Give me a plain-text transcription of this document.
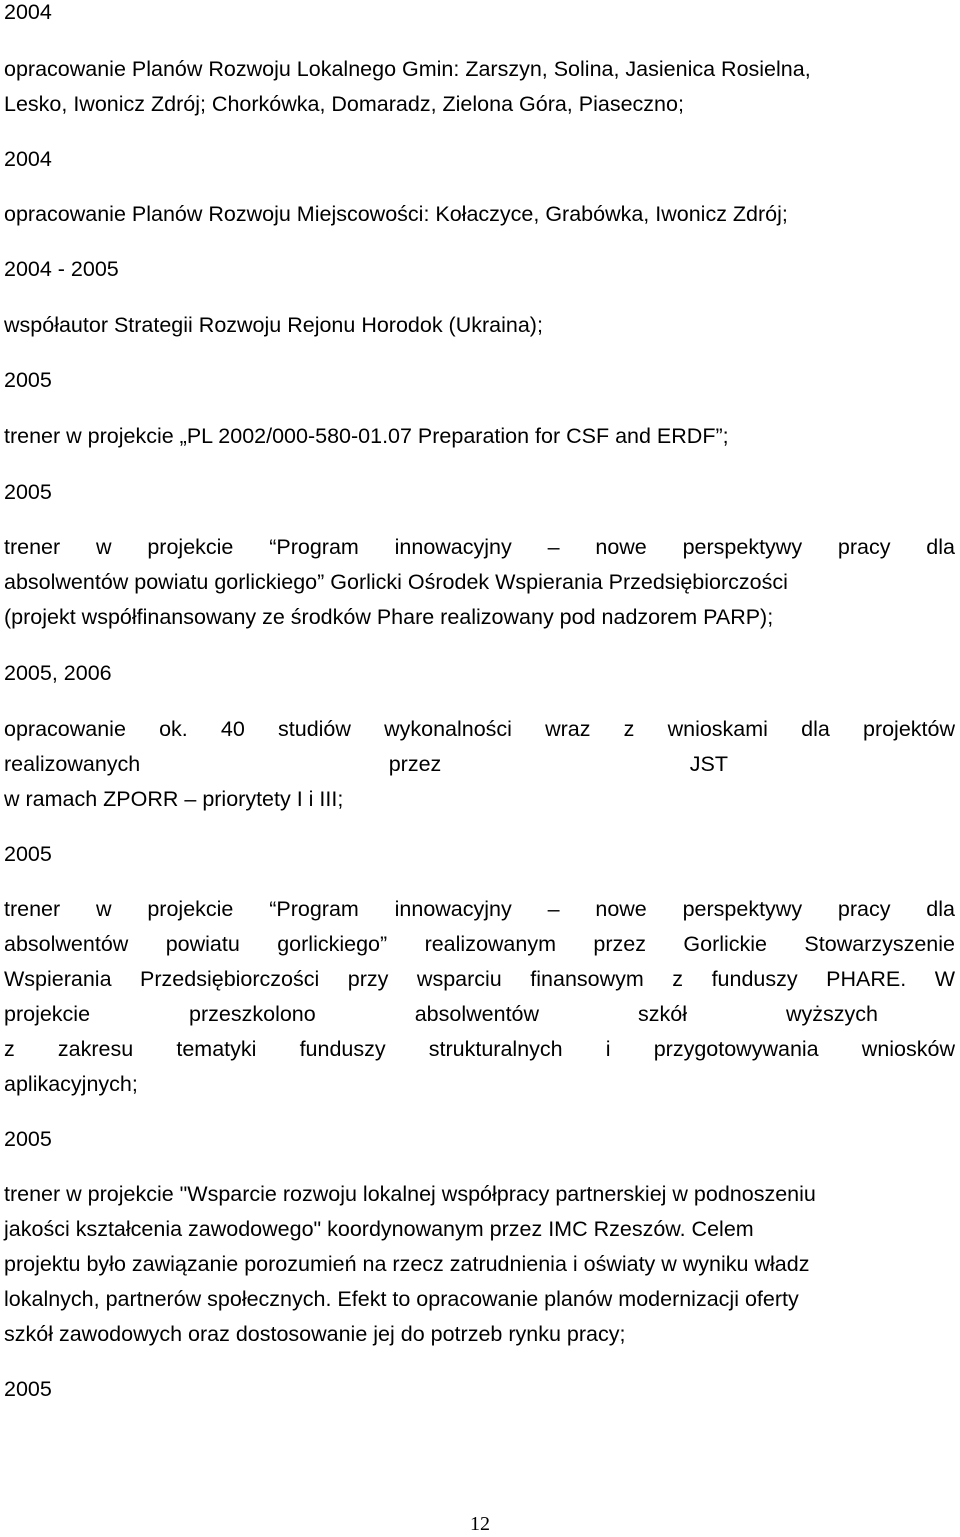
2004
opracowanie Planów Rozwoju Lokalnego Gmin: Zarszyn, Solina, Jasienica Rosielna,
Lesko, Iwonicz Zdrój; Chorkówka, Domaradz, Zielona Góra, Piaseczno;
2004
opracowanie Planów Rozwoju Miejscowości: Kołaczyce, Grabówka, Iwonicz Zdrój;
2004 - 2005
współautor Strategii Rozwoju Rejonu Horodok (Ukraina);
2005
trener w projekcie „PL 2002/000-580-01.07 Preparation for CSF and ERDF”;
2005
trener w projekcie “Program innowacyjny – nowe perspektywy pracy dla
absolwentów powiatu gorlickiego” Gorlicki Ośrodek Wspierania Przedsiębiorczości
(projekt współfinansowany ze środków Phare realizowany pod nadzorem PARP);
2005, 2006
opracowanie ok. 40 studiów wykonalności wraz z wnioskami dla projektów
realizowanych przez JST
w ramach ZPORR – priorytety I i III;
2005
trener w projekcie “Program innowacyjny – nowe perspektywy pracy dla
absolwentów powiatu gorlickiego” realizowanym przez Gorlickie Stowarzyszenie
Wspierania Przedsiębiorczości przy wsparciu finansowym z funduszy PHARE. W
projekcie przeszkolono absolwentów szkół wyższych
z zakresu tematyki funduszy strukturalnych i przygotowywania wniosków
aplikacyjnych;
2005
trener w projekcie "Wsparcie rozwoju lokalnej współpracy partnerskiej w podnoszeniu
jakości kształcenia zawodowego" koordynowanym przez IMC Rzeszów. Celem
projektu było zawiązanie porozumień na rzecz zatrudnienia i oświaty w wyniku władz
lokalnych, partnerów społecznych. Efekt to opracowanie planów modernizacji oferty
szkół zawodowych oraz dostosowanie jej do potrzeb rynku pracy;
2005
12
